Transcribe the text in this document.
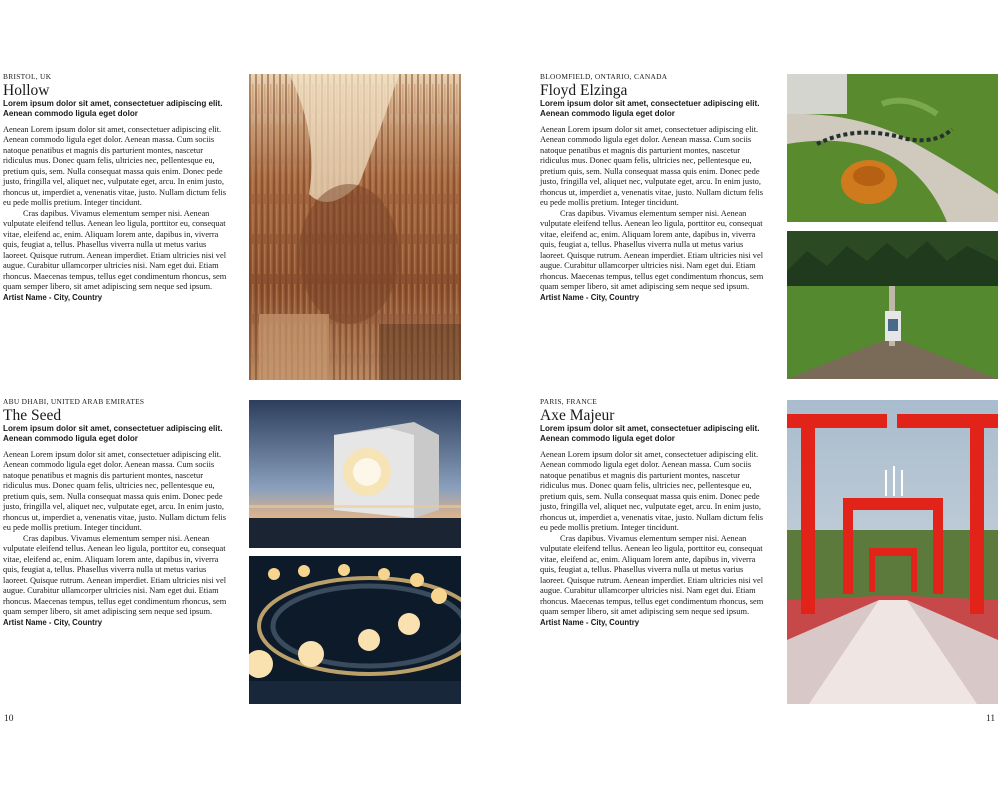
BRISTOL, UK

Hollow

Lorem ipsum dolor sit amet, consectetuer adipiscing elit. Aenean commodo ligula eget dolor

Aenean Lorem ipsum dolor sit amet, consectetuer adipiscing elit. Aenean commodo ligula eget dolor. Aenean massa. Cum sociis natoque penatibus et magnis dis parturient montes, nascetur ridiculus mus. Donec quam felis, ultricies nec, pellentesque eu, pretium quis, sem. Nulla consequat massa quis enim. Donec pede justo, fringilla vel, aliquet nec, vulputate eget, arcu. In enim justo, rhoncus ut, imperdiet a, venenatis vitae, justo. Nullam dictum felis eu pede mollis pretium. Integer tincidunt.

Cras dapibus. Vivamus elementum semper nisi. Aenean vulputate eleifend tellus. Aenean leo ligula, porttitor eu, consequat vitae, eleifend ac, enim. Aliquam lorem ante, dapibus in, viverra quis, feugiat a, tellus. Phasellus viverra nulla ut metus varius laoreet. Quisque rutrum. Aenean imperdiet. Etiam ultricies nisi vel augue. Curabitur ullamcorper ultricies nisi. Nam eget dui. Etiam rhoncus. Maecenas tempus, tellus eget condimentum rhoncus, sem quam semper libero, sit amet adipiscing sem neque sed ipsum.

Artist Name - City, Country

ABU DHABI, UNITED ARAB EMIRATES

The Seed

Lorem ipsum dolor sit amet, consectetuer adipiscing elit. Aenean commodo ligula eget dolor

Aenean Lorem ipsum dolor sit amet, consectetuer adipiscing elit. Aenean commodo ligula eget dolor. Aenean massa. Cum sociis natoque penatibus et magnis dis parturient montes, nascetur ridiculus mus. Donec quam felis, ultricies nec, pellentesque eu, pretium quis, sem. Nulla consequat massa quis enim. Donec pede justo, fringilla vel, aliquet nec, vulputate eget, arcu. In enim justo, rhoncus ut, imperdiet a, venenatis vitae, justo. Nullam dictum felis eu pede mollis pretium. Integer tincidunt.

Cras dapibus. Vivamus elementum semper nisi. Aenean vulputate eleifend tellus. Aenean leo ligula, porttitor eu, consequat vitae, eleifend ac, enim. Aliquam lorem ante, dapibus in, viverra quis, feugiat a, tellus. Phasellus viverra nulla ut metus varius laoreet. Quisque rutrum. Aenean imperdiet. Etiam ultricies nisi vel augue. Curabitur ullamcorper ultricies nisi. Nam eget dui. Etiam rhoncus. Maecenas tempus, tellus eget condimentum rhoncus, sem quam semper libero, sit amet adipiscing sem neque sed ipsum.

Artist Name - City, Country

BLOOMFIELD, ONTARIO, CANADA

Floyd Elzinga

Lorem ipsum dolor sit amet, consectetuer adipiscing elit. Aenean commodo ligula eget dolor

Aenean Lorem ipsum dolor sit amet, consectetuer adipiscing elit. Aenean commodo ligula eget dolor. Aenean massa. Cum sociis natoque penatibus et magnis dis parturient montes, nascetur ridiculus mus. Donec quam felis, ultricies nec, pellentesque eu, pretium quis, sem. Nulla consequat massa quis enim. Donec pede justo, fringilla vel, aliquet nec, vulputate eget, arcu. In enim justo, rhoncus ut, imperdiet a, venenatis vitae, justo. Nullam dictum felis eu pede mollis pretium. Integer tincidunt.

Cras dapibus. Vivamus elementum semper nisi. Aenean vulputate eleifend tellus. Aenean leo ligula, porttitor eu, consequat vitae, eleifend ac, enim. Aliquam lorem ante, dapibus in, viverra quis, feugiat a, tellus. Phasellus viverra nulla ut metus varius laoreet. Quisque rutrum. Aenean imperdiet. Etiam ultricies nisi vel augue. Curabitur ullamcorper ultricies nisi. Nam eget dui. Etiam rhoncus. Maecenas tempus, tellus eget condimentum rhoncus, sem quam semper libero, sit amet adipiscing sem neque sed ipsum.

Artist Name - City, Country

PARIS, FRANCE

Axe Majeur

Lorem ipsum dolor sit amet, consectetuer adipiscing elit. Aenean commodo ligula eget dolor

Aenean Lorem ipsum dolor sit amet, consectetuer adipiscing elit. Aenean commodo ligula eget dolor. Aenean massa. Cum sociis natoque penatibus et magnis dis parturient montes, nascetur ridiculus mus. Donec quam felis, ultricies nec, pellentesque eu, pretium quis, sem. Nulla consequat massa quis enim. Donec pede justo, fringilla vel, aliquet nec, vulputate eget, arcu. In enim justo, rhoncus ut, imperdiet a, venenatis vitae, justo. Nullam dictum felis eu pede mollis pretium. Integer tincidunt.

Cras dapibus. Vivamus elementum semper nisi. Aenean vulputate eleifend tellus. Aenean leo ligula, porttitor eu, consequat vitae, eleifend ac, enim. Aliquam lorem ante, dapibus in, viverra quis, feugiat a, tellus. Phasellus viverra nulla ut metus varius laoreet. Quisque rutrum. Aenean imperdiet. Etiam ultricies nisi vel augue. Curabitur ullamcorper ultricies nisi. Nam eget dui. Etiam rhoncus. Maecenas tempus, tellus eget condimentum rhoncus, sem quam semper libero, sit amet adipiscing sem neque sed ipsum.

Artist Name - City, Country

10	11
